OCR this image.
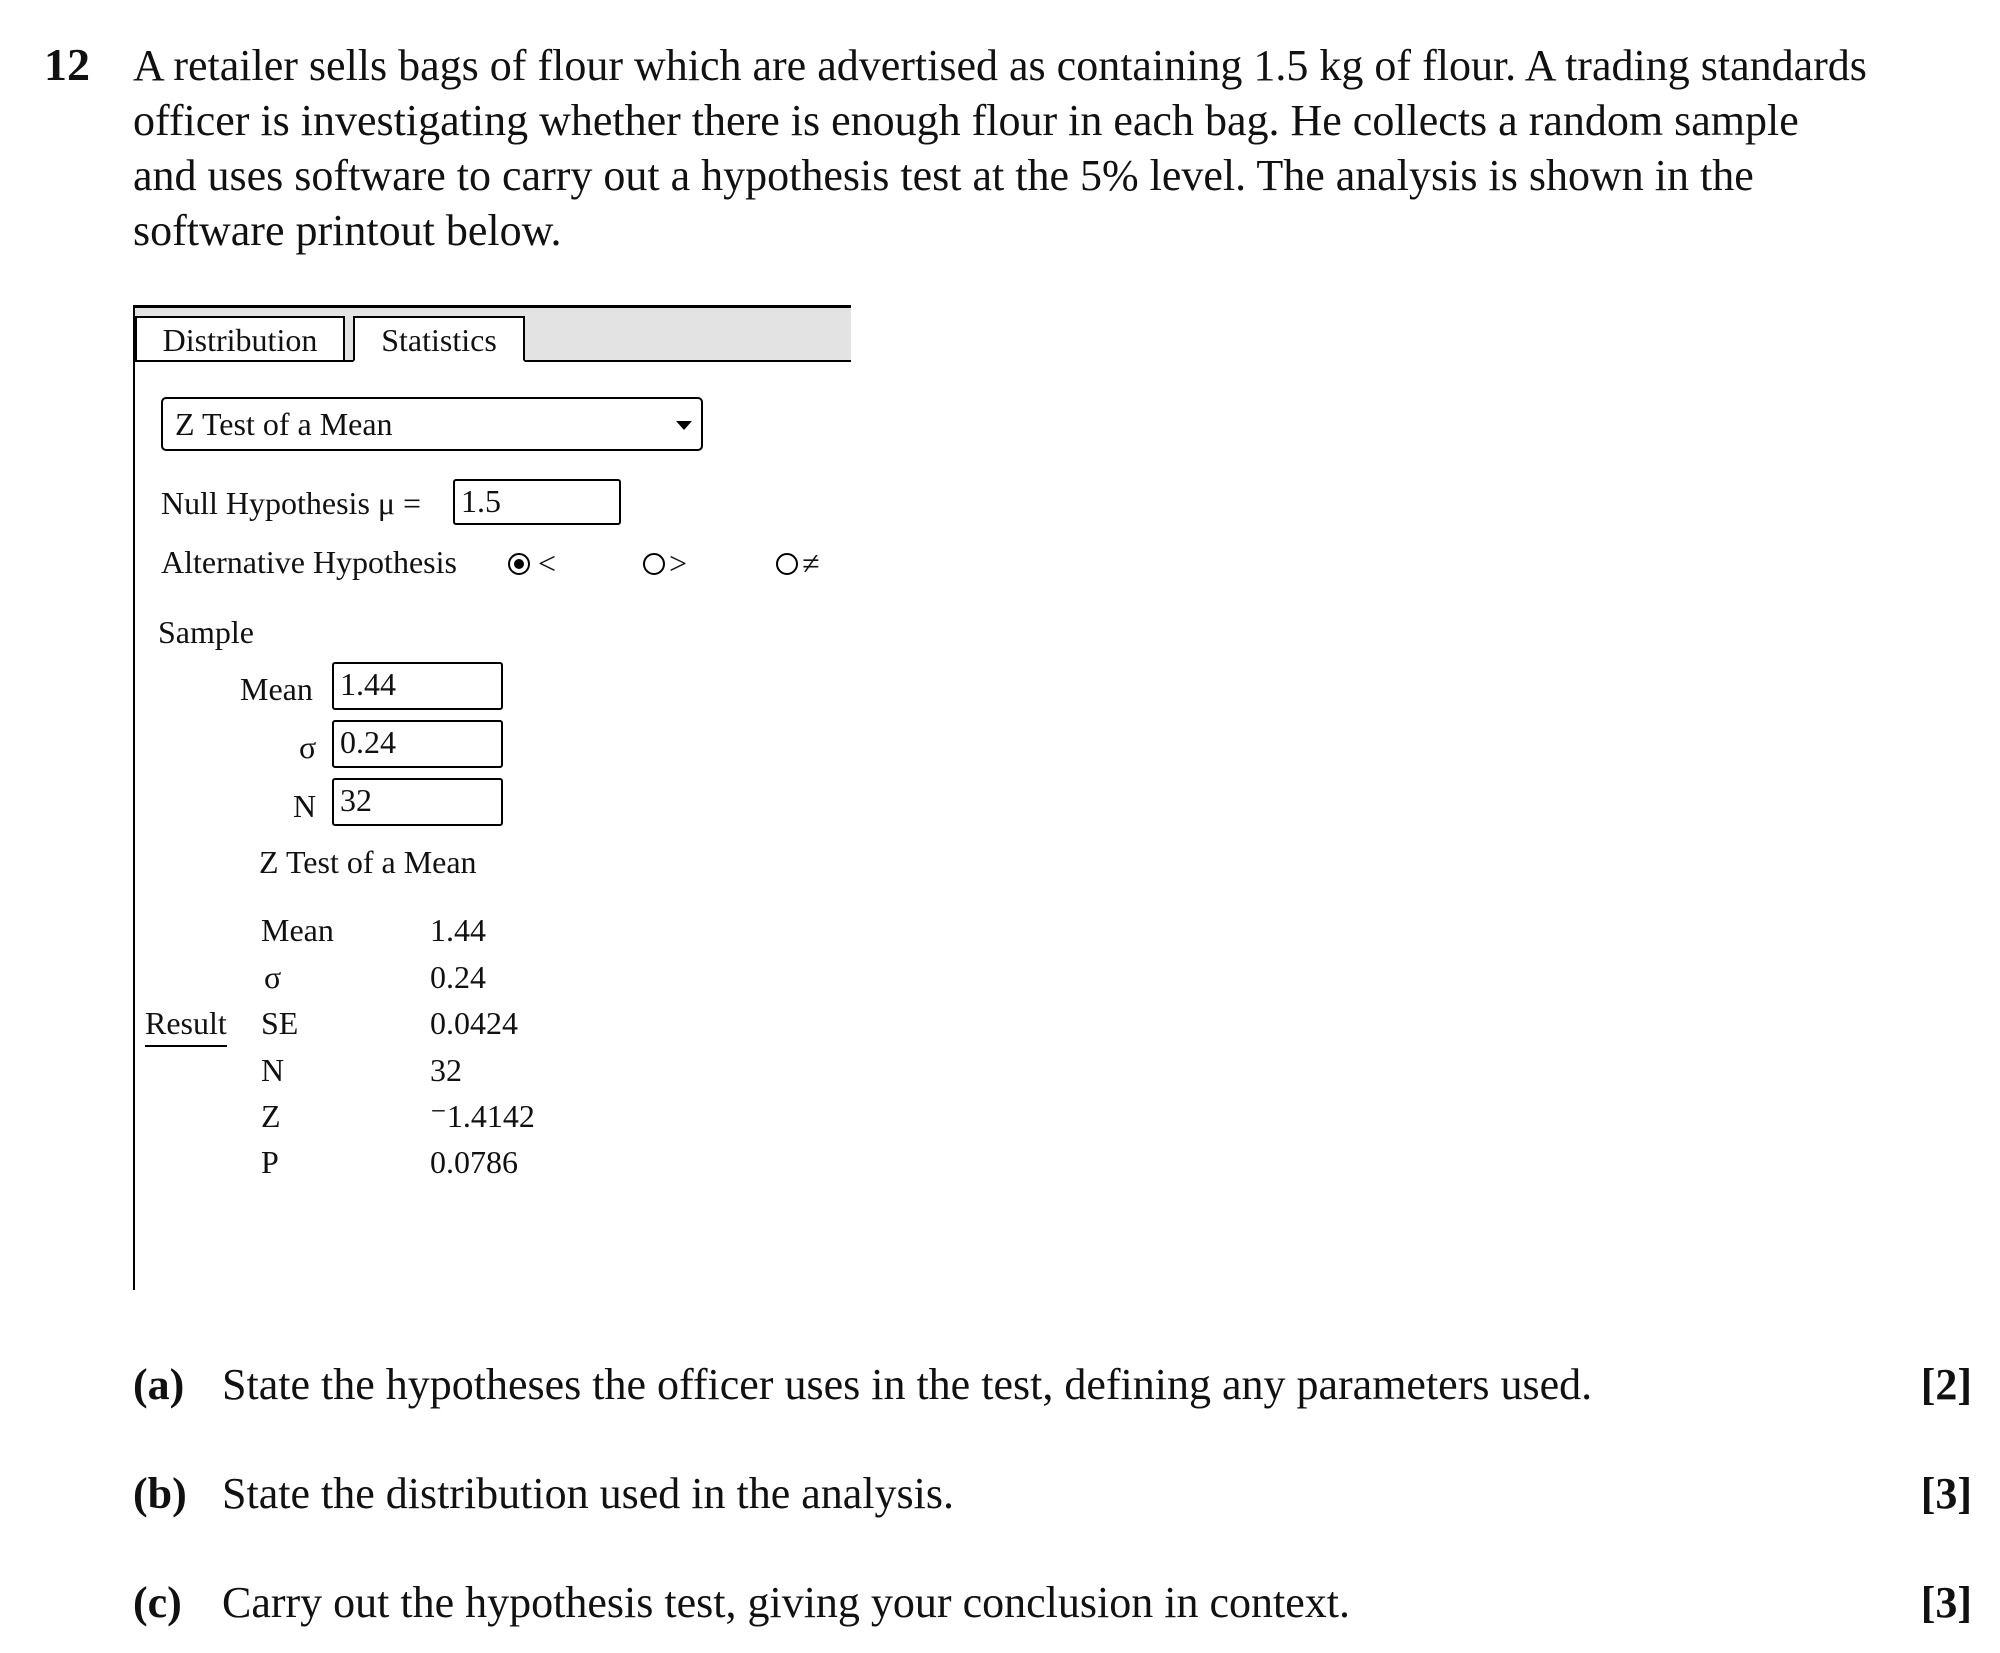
12 A retailer sells bags of flour which are advertised as containing 1.5 kg of flour. A trading standards
officer is investigating whether there is enough flour in each bag. He collects a random sample
and uses software to carry out a hypothesis test at the 5% level. The analysis is shown in the
software printout below.
Distribution	Statistics
Z Test of a Mean
Null Hypothesis μ = 1.5
Alternative Hypothesis	<	>	≠
Sample
Mean 1.44
σ 0.24
N 32
Z Test of a Mean
Result
Mean	1.44
σ	0.24
SE	0.0424
N	32
Z	⁻1.4142
P	0.0786
(a) State the hypotheses the officer uses in the test, defining any parameters used.	[2]
(b) State the distribution used in the analysis.	[3]
(c) Carry out the hypothesis test, giving your conclusion in context.	[3]
